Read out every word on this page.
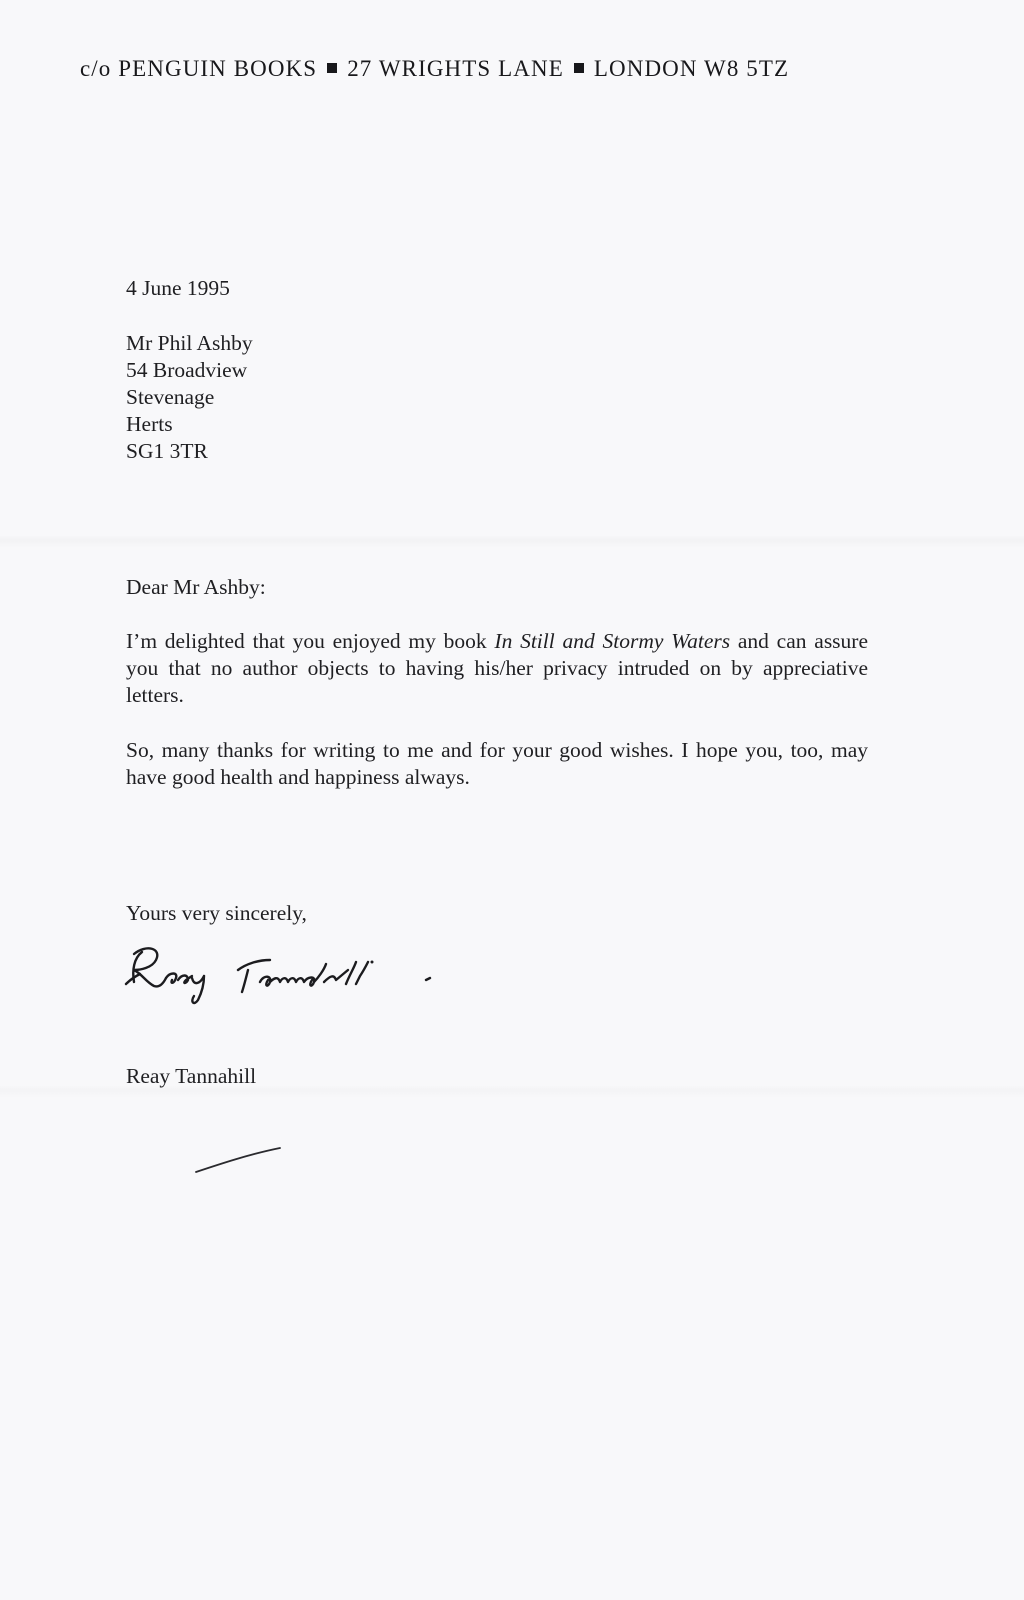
c/o PENGUIN BOOKS 27 WRIGHTS LANE LONDON W8 5TZ
4 June 1995
Mr Phil Ashby
54 Broadview
Stevenage
Herts
SG1 3TR
Dear Mr Ashby:
I’m delighted that you enjoyed my book In Still and Stormy Waters and can assure you that no author objects to having his/her privacy intruded on by appreciative letters.
So, many thanks for writing to me and for your good wishes. I hope you, too, may have good health and happiness always.
Yours very sincerely,
Reay Tannahill
